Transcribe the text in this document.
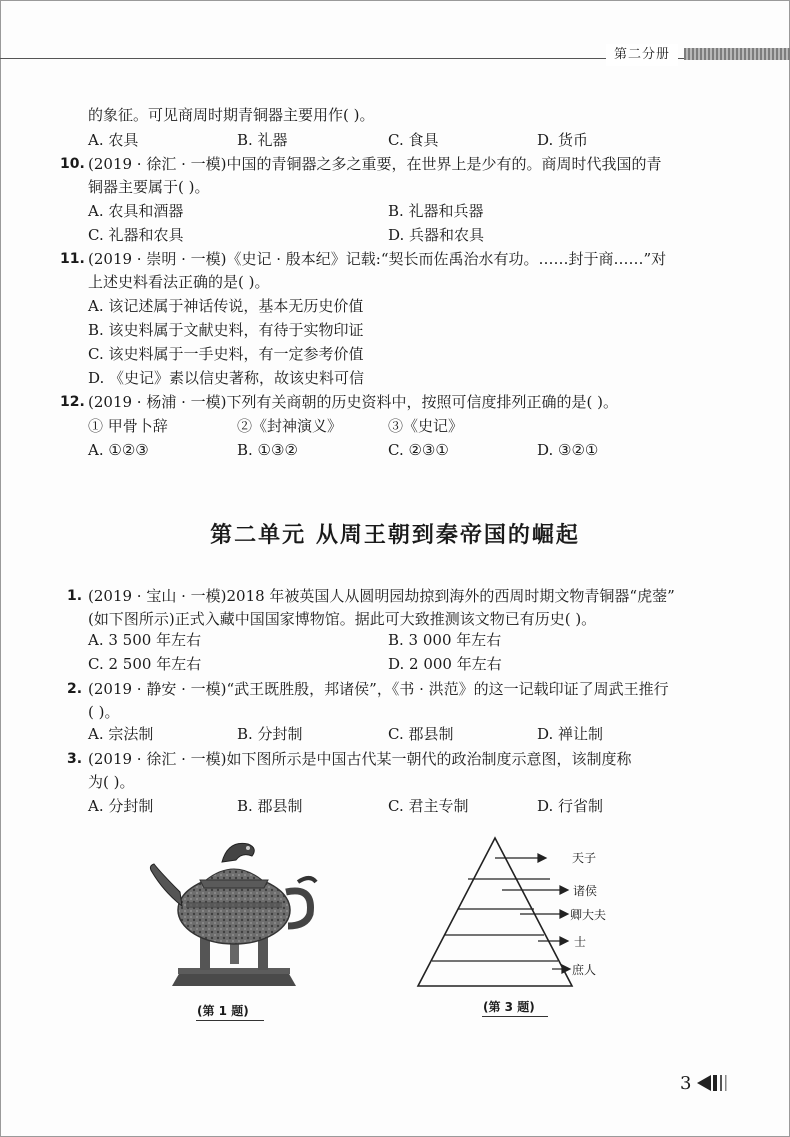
第二分册
的象征。可见商周时期青铜器主要用作( )。
A. 农具	B. 礼器	C. 食具	D. 货币
10. (2019 · 徐汇 · 一模)中国的青铜器之多之重要，在世界上是少有的。商周时代我国的青
铜器主要属于( )。
A. 农具和酒器	B. 礼器和兵器
C. 礼器和农具	D. 兵器和农具
11. (2019 · 崇明 · 一模)《史记 · 殷本纪》记载:“契长而佐禹治水有功。……封于商……”对
上述史料看法正确的是( )。
A. 该记述属于神话传说，基本无历史价值
B. 该史料属于文献史料，有待于实物印证
C. 该史料属于一手史料，有一定参考价值
D. 《史记》素以信史著称，故该史料可信
12. (2019 · 杨浦 · 一模)下列有关商朝的历史资料中，按照可信度排列正确的是( )。
① 甲骨卜辞	②《封神演义》	③《史记》
A. ①②③	B. ①③②	C. ②③①	D. ③②①
第二单元 从周王朝到秦帝国的崛起
1. (2019 · 宝山 · 一模)2018 年被英国人从圆明园劫掠到海外的西周时期文物青铜器“虎蓥”
(如下图所示)正式入藏中国国家博物馆。据此可大致推测该文物已有历史( )。
A. 3 500 年左右	B. 3 000 年左右
C. 2 500 年左右	D. 2 000 年左右
2. (2019 · 静安 · 一模)“武王既胜殷，邦诸侯”，《书 · 洪范》的这一记载印证了周武王推行
( )。
A. 宗法制	B. 分封制	C. 郡县制	D. 禅让制
3. (2019 · 徐汇 · 一模)如下图所示是中国古代某一朝代的政治制度示意图，该制度称
为( )。
A. 分封制	B. 郡县制	C. 君主专制	D. 行省制
(第 1 题)
天子
诸侯
卿大夫
士
庶人
(第 3 题)
3
